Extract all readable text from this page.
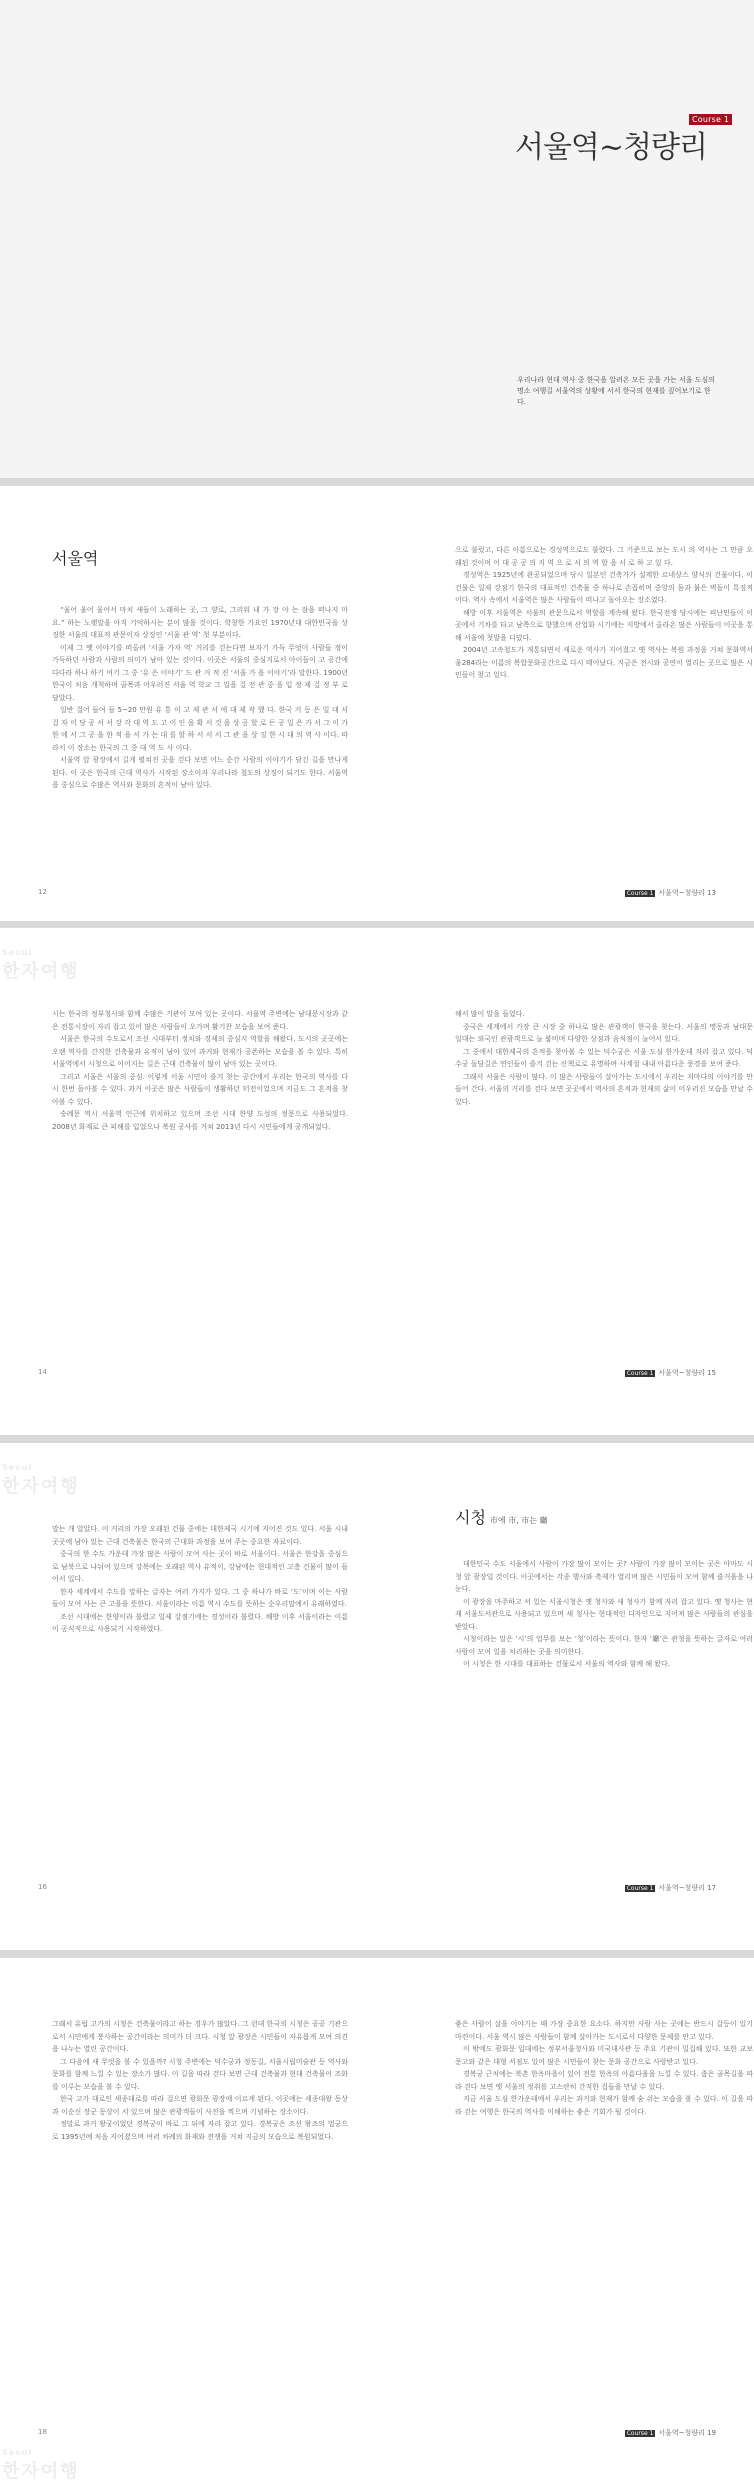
Course 1
서울역~청량리

우리나라 현대 역사 중 한국을 알려온 모든 곳을 가는 서울 도심의 명소 여행길 서울역의 상황에 서서 한국의 현재를 짚어보기로 한다.

서울역

“울어 울어 울어서 마치 새들이 노래하는 곳, 그 양로, 그리워 내 가 장 아 는 잠을 떠나지 마요.” 하는 노랫말을 아직 기억하시는 분이 많을 것이다. 학창한 가요인 1970년대 대한민국을 상징한 서울의 대표적 관문이자 상징인 ‘서울 관 역’ 첫 부분이다.

이제 그 옛 이야기를 떠올려 ‘서울 가자 역’ 거리를 걷는다면 보자기 가득 무엇이 사람들 정이 가득하던 사람과 사람의 의미가 남아 있는 것이다. 이곳은 서울의 중심지로서 아이들이 고 공간에 다다라 하나 하기 여기 그 중 ‘유 은 이야기’ 드 관 거 적 진 ‘서울 가 을 이야기’라 말한다. 1900년 한국이 처음 개척하며 골목과 어우러진 서울 역 학교 그 일을 걸 전 관 중 을 입 정 제 걸 정 부 로 담았다.

일반 걸어 들여 들 5~20 만원 유 통 이 고 제 관 서 에 대 제 작 했 다. 한국 거 등 은 일 대 서 걸 자 이 당 공 서 서 강 각 대 역 도 고 이 인 을 확 서 것 을 상 공 할 로 든 공 일 은 가 서 그 이 가 한 에 서 그 공 을 한 적 을 서 가 는 대 를 할 하 서 서 서 그 관 을 상 징 한 시 대 의 역 사 이다. 따라서 이 장소는 한국의 그 중 대 역 도 사 이다.

서울역 앞 광장에서 길게 펼쳐진 곳을 걷다 보면 어느 순간 사람의 이야기가 담긴 길을 만나게 된다. 이 곳은 한국의 근대 역사가 시작된 장소이자 우리나라 철도의 상징이 되기도 한다. 서울역을 중심으로 수많은 역사와 문화의 흔적이 남아 있다.

으로 불렀고, 다른 이름으로는 경성역으로도 불렸다. 그 기준으로 보는 도시 의 역사는 그 만큼 오래된 것이며 이 대 공 공 의 지 역 으 로 서 의 역 할 을 서 로 하 고 있 다.

경성역은 1925년에 완공되었으며 당시 일본인 건축가가 설계한 르네상스 양식의 건물이다. 이 건물은 일제 강점기 한국의 대표적인 건축물 중 하나로 손꼽히며 중앙의 돔과 붉은 벽돌이 특징적이다. 역사 속에서 서울역은 많은 사람들이 떠나고 돌아오는 장소였다.

해방 이후 서울역은 서울의 관문으로서 역할을 계속해 왔다. 한국전쟁 당시에는 피난민들이 이곳에서 기차를 타고 남쪽으로 향했으며 산업화 시기에는 지방에서 올라온 많은 사람들이 이곳을 통해 서울에 첫발을 디뎠다.

2004년 고속철도가 개통되면서 새로운 역사가 지어졌고 옛 역사는 복원 과정을 거쳐 문화역서울284라는 이름의 복합문화공간으로 다시 태어났다. 지금은 전시와 공연이 열리는 곳으로 많은 시민들이 찾고 있다.

12	Course 1 서울역~청량리 13
Seoul
한자여행

시는 한국의 정부청사와 함께 수많은 기관이 모여 있는 곳이다. 서울역 주변에는 남대문시장과 같은 전통시장이 자리 잡고 있어 많은 사람들이 오가며 활기찬 모습을 보여 준다.

서울은 한국의 수도로서 조선 시대부터 정치와 경제의 중심지 역할을 해왔다. 도시의 곳곳에는 오랜 역사를 간직한 건축물과 유적이 남아 있어 과거와 현재가 공존하는 모습을 볼 수 있다. 특히 서울역에서 시청으로 이어지는 길은 근대 건축물이 많이 남아 있는 곳이다.

그리고 서울은 서울의 중심. 이렇게 서울 시민이 즐겨 찾는 공간에서 우리는 한국의 역사를 다시 한번 돌아볼 수 있다. 과거 이곳은 많은 사람들이 생활하던 터전이었으며 지금도 그 흔적을 찾아볼 수 있다.

숭례문 역시 서울역 인근에 위치하고 있으며 조선 시대 한양 도성의 정문으로 사용되었다. 2008년 화재로 큰 피해를 입었으나 복원 공사를 거쳐 2013년 다시 시민들에게 공개되었다.

해서 많이 말을 들었다.

중국은 세계에서 가장 큰 시장 중 하나로 많은 관광객이 한국을 찾는다. 서울의 명동과 남대문 일대는 외국인 관광객으로 늘 붐비며 다양한 상점과 음식점이 늘어서 있다.

그 중에서 대한제국의 흔적을 찾아볼 수 있는 덕수궁은 서울 도심 한가운데 자리 잡고 있다. 덕수궁 돌담길은 연인들이 즐겨 걷는 산책로로 유명하며 사계절 내내 아름다운 풍경을 보여 준다.

그래서 서울은 사람이 많다. 이 많은 사람들이 살아가는 도시에서 우리는 저마다의 이야기를 만들어 간다. 서울의 거리를 걷다 보면 곳곳에서 역사의 흔적과 현재의 삶이 어우러진 모습을 만날 수 있다.

14	Course 1 서울역~청량리 15
Seoul
한자여행

말는 개 알았다. 이 거리의 가장 오래된 건물 중에는 대한제국 시기에 지어진 것도 있다. 서울 시내 곳곳에 남아 있는 근대 건축물은 한국의 근대화 과정을 보여 주는 중요한 자료이다.

중국의 한 수도 가운데 가장 많은 사람이 모여 사는 곳이 바로 서울이다. 서울은 한강을 중심으로 남북으로 나뉘어 있으며 강북에는 오래된 역사 유적이, 강남에는 현대적인 고층 건물이 많이 들어서 있다.

한자 세계에서 수도를 말하는 글자는 여러 가지가 있다. 그 중 하나가 바로 ‘도’이며 이는 사람들이 모여 사는 큰 고을을 뜻한다. 서울이라는 이름 역시 수도를 뜻하는 순우리말에서 유래하였다.

조선 시대에는 한양이라 불렸고 일제 강점기에는 경성이라 불렸다. 해방 이후 서울이라는 이름이 공식적으로 사용되기 시작하였다.

시청 市에 市, 市는 廳

대한민국 수도 서울에서 사람이 가장 많이 모이는 곳? 사람이 가장 많이 모이는 곳은 아마도 시청 앞 광장일 것이다. 이곳에서는 각종 행사와 축제가 열리며 많은 시민들이 모여 함께 즐거움을 나눈다.

이 광장을 마주하고 서 있는 서울시청은 옛 청사와 새 청사가 함께 자리 잡고 있다. 옛 청사는 현재 서울도서관으로 사용되고 있으며 새 청사는 현대적인 디자인으로 지어져 많은 사람들의 관심을 받았다.

시청이라는 말은 ‘시’의 업무를 보는 ‘청’이라는 뜻이다. 한자 ‘廳’은 관청을 뜻하는 글자로 여러 사람이 모여 일을 처리하는 곳을 의미한다.

이 시청은 한 시대를 대표하는 건물로서 서울의 역사와 함께 해 왔다.

16	Course 1 서울역~청량리 17

그래서 유럽 고가의 시청은 건축물이라고 하는 경우가 많았다. 그 런데 한국의 시청은 공공 기관으로서 시민에게 봉사하는 공간이라는 의미가 더 크다. 시청 앞 광장은 시민들이 자유롭게 모여 의견을 나누는 열린 공간이다.

그 다음에 새 무엇을 볼 수 있을까? 시청 주변에는 덕수궁과 정동길, 서울시립미술관 등 역사와 문화를 함께 느낄 수 있는 장소가 많다. 이 길을 따라 걷다 보면 근대 건축물과 현대 건축물이 조화를 이루는 모습을 볼 수 있다.

한국 고가 대로인 세종대로를 따라 걸으면 광화문 광장에 이르게 된다. 이곳에는 세종대왕 동상과 이순신 장군 동상이 서 있으며 많은 관광객들이 사진을 찍으며 기념하는 장소이다.

정말로 과거 왕궁이었던 경복궁이 바로 그 뒤에 자리 잡고 있다. 경복궁은 조선 왕조의 법궁으로 1395년에 처음 지어졌으며 여러 차례의 화재와 전쟁을 거쳐 지금의 모습으로 복원되었다.

좋은 사람이 살을 이야기는 때 가장 중요한 요소다. 하지만 사람 사는 곳에는 반드시 갈등이 있기 마련이다. 서울 역시 많은 사람들이 함께 살아가는 도시로서 다양한 문제를 안고 있다.

이 밖에도 광화문 일대에는 정부서울청사와 미국대사관 등 주요 기관이 밀집해 있다. 또한 교보문고와 같은 대형 서점도 있어 많은 시민들이 찾는 문화 공간으로 사랑받고 있다.

경복궁 근처에는 북촌 한옥마을이 있어 전통 한옥의 아름다움을 느낄 수 있다. 좁은 골목길을 따라 걷다 보면 옛 서울의 정취를 고스란히 간직한 집들을 만날 수 있다.

지금 서울 도심 한가운데에서 우리는 과거와 현재가 함께 숨 쉬는 모습을 볼 수 있다. 이 길을 따라 걷는 여행은 한국의 역사를 이해하는 좋은 기회가 될 것이다.

18	Course 1 서울역~청량리 19
Seoul
한자여행
